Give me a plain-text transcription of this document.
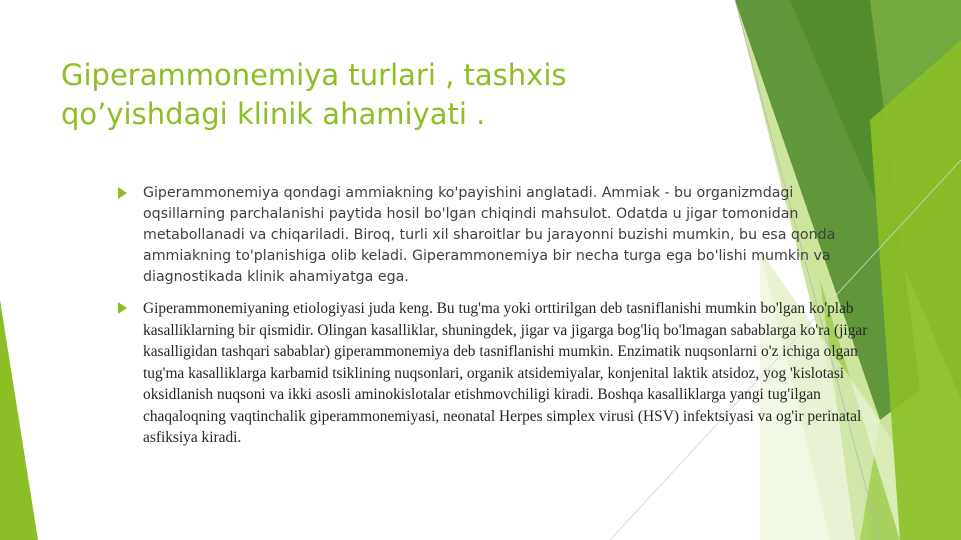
Giperammonemiya turlari , tashxis qo’yishdagi klinik ahamiyati .
Giperammonemiya qondagi ammiakning ko'payishini anglatadi. Ammiak - bu organizmdagi oqsillarning parchalanishi paytida hosil bo'lgan chiqindi mahsulot. Odatda u jigar tomonidan metabollanadi va chiqariladi. Biroq, turli xil sharoitlar bu jarayonni buzishi mumkin, bu esa qonda ammiakning to'planishiga olib keladi. Giperammonemiya bir necha turga ega bo'lishi mumkin va diagnostikada klinik ahamiyatga ega.
Giperammonemiyaning etiologiyasi juda keng. Bu tug'ma yoki orttirilgan deb tasniflanishi mumkin bo'lgan ko'plab kasalliklarning bir qismidir. Olingan kasalliklar, shuningdek, jigar va jigarga bog'liq bo'lmagan sabablarga ko'ra (jigar kasalligidan tashqari sabablar) giperammonemiya deb tasniflanishi mumkin. Enzimatik nuqsonlarni o'z ichiga olgan tug'ma kasalliklarga karbamid tsiklining nuqsonlari, organik atsidemiyalar, konjenital laktik atsidoz, yog 'kislotasi oksidlanish nuqsoni va ikki asosli aminokislotalar etishmovchiligi kiradi. Boshqa kasalliklarga yangi tug'ilgan chaqaloqning vaqtinchalik giperammonemiyasi, neonatal Herpes simplex virusi (HSV) infektsiyasi va og'ir perinatal asfiksiya kiradi.
